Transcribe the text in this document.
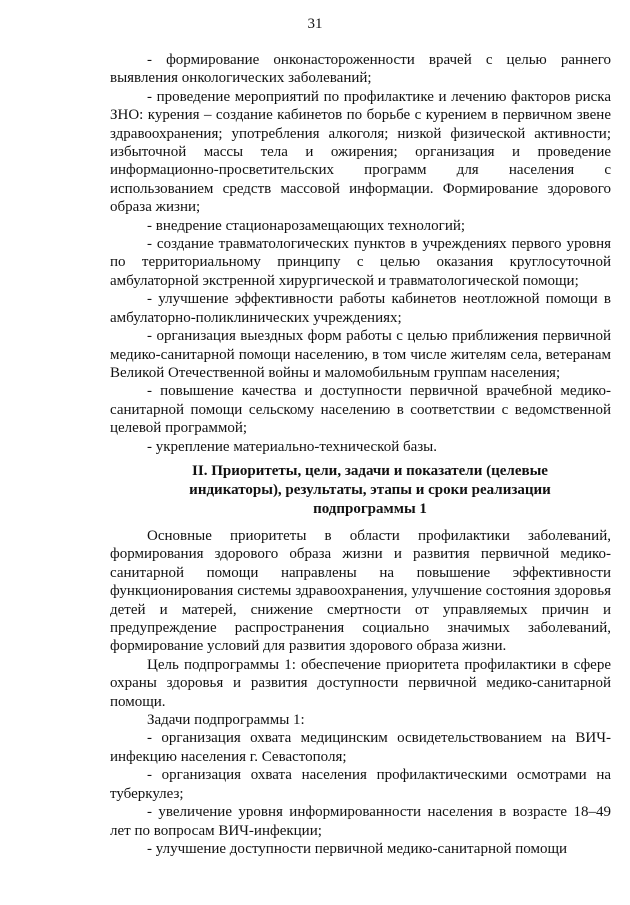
31

- формирование онконастороженности врачей с целью раннего выявления онкологических заболеваний;

- проведение мероприятий по профилактике и лечению факторов риска ЗНО: курения – создание кабинетов по борьбе с курением в первичном звене здравоохранения; употребления алкоголя; низкой физической активности; избыточной массы тела и ожирения; организация и проведение информационно-просветительских программ для населения с использованием средств массовой информации. Формирование здорового образа жизни;

- внедрение стационарозамещающих технологий;

- создание травматологических пунктов в учреждениях первого уровня по территориальному принципу с целью оказания круглосуточной амбулаторной экстренной хирургической и травматологической помощи;

- улучшение эффективности работы кабинетов неотложной помощи в амбулаторно-поликлинических учреждениях;

- организация выездных форм работы с целью приближения первичной медико-санитарной помощи населению, в том числе жителям села, ветеранам Великой Отечественной войны и маломобильным группам населения;

- повышение качества и доступности первичной врачебной медико-санитарной помощи сельскому населению в соответствии с ведомственной целевой программой;

- укрепление материально-технической базы.

II. Приоритеты, цели, задачи и показатели (целевые

индикаторы), результаты, этапы и сроки реализации

подпрограммы 1

Основные приоритеты в области профилактики заболеваний, формирования здорового образа жизни и развития первичной медико-санитарной помощи направлены на повышение эффективности функционирования системы здравоохранения, улучшение состояния здоровья детей и матерей, снижение смертности от управляемых причин и предупреждение распространения социально значимых заболеваний, формирование условий для развития здорового образа жизни.

Цель подпрограммы 1: обеспечение приоритета профилактики в сфере охраны здоровья и развития доступности первичной медико-санитарной помощи.

Задачи подпрограммы 1:

- организация охвата медицинским освидетельствованием на ВИЧ-инфекцию населения г. Севастополя;

- организация охвата населения профилактическими осмотрами на туберкулез;

- увеличение уровня информированности населения в возрасте 18–49 лет по вопросам ВИЧ-инфекции;

- улучшение доступности первичной медико-санитарной помощи
